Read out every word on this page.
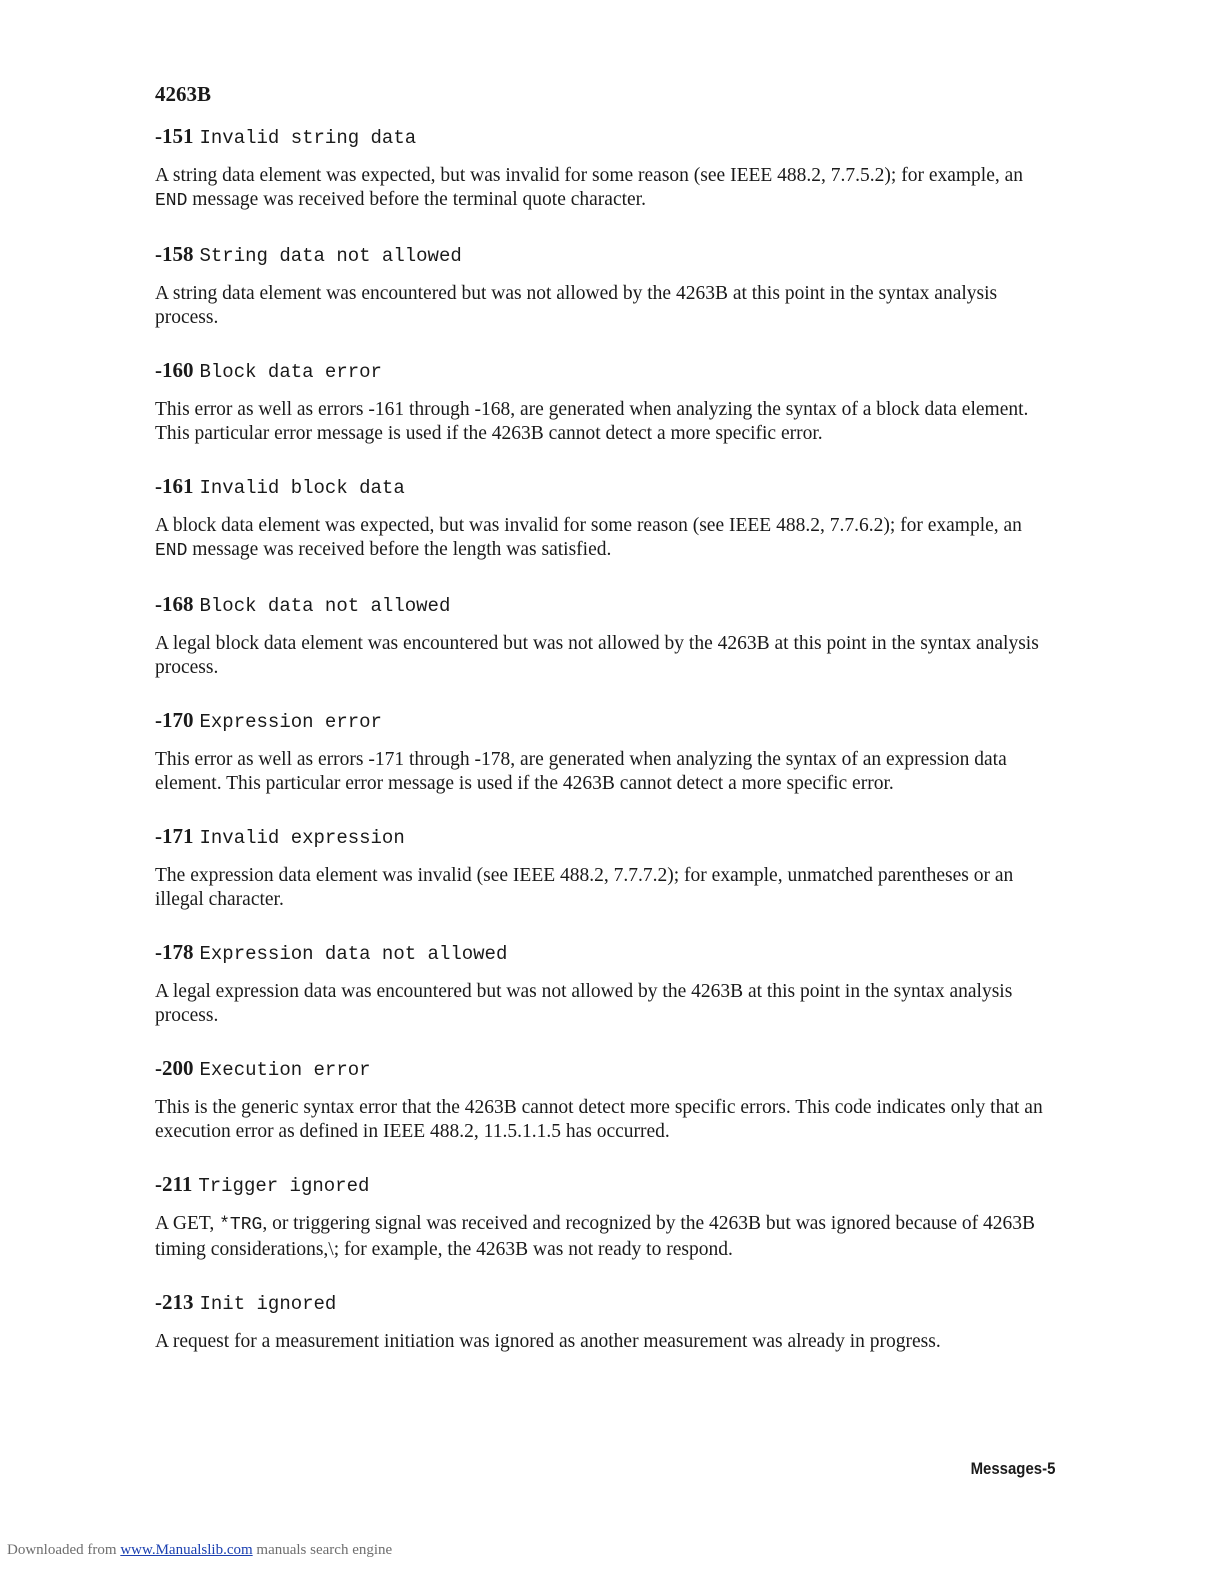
4263B
-151 Invalid string data

A string data element was expected, but was invalid for some reason (see IEEE 488.2, 7.7.5.2); for example, an END message was received before the terminal quote character.

-158 String data not allowed

A string data element was encountered but was not allowed by the 4263B at this point in the syntax analysis process.

-160 Block data error

This error as well as errors -161 through -168, are generated when analyzing the syntax of a block data element. This particular error message is used if the 4263B cannot detect a more specific error.

-161 Invalid block data

A block data element was expected, but was invalid for some reason (see IEEE 488.2, 7.7.6.2); for example, an END message was received before the length was satisfied.

-168 Block data not allowed

A legal block data element was encountered but was not allowed by the 4263B at this point in the syntax analysis process.

-170 Expression error

This error as well as errors -171 through -178, are generated when analyzing the syntax of an expression data element. This particular error message is used if the 4263B cannot detect a more specific error.

-171 Invalid expression

The expression data element was invalid (see IEEE 488.2, 7.7.7.2); for example, unmatched parentheses or an illegal character.

-178 Expression data not allowed

A legal expression data was encountered but was not allowed by the 4263B at this point in the syntax analysis process.

-200 Execution error

This is the generic syntax error that the 4263B cannot detect more specific errors. This code indicates only that an execution error as defined in IEEE 488.2, 11.5.1.1.5 has occurred.

-211 Trigger ignored

A GET, *TRG, or triggering signal was received and recognized by the 4263B but was ignored because of 4263B timing considerations,\; for example, the 4263B was not ready to respond.

-213 Init ignored

A request for a measurement initiation was ignored as another measurement was already in progress.

Messages-5
Downloaded from www.Manualslib.com manuals search engine
